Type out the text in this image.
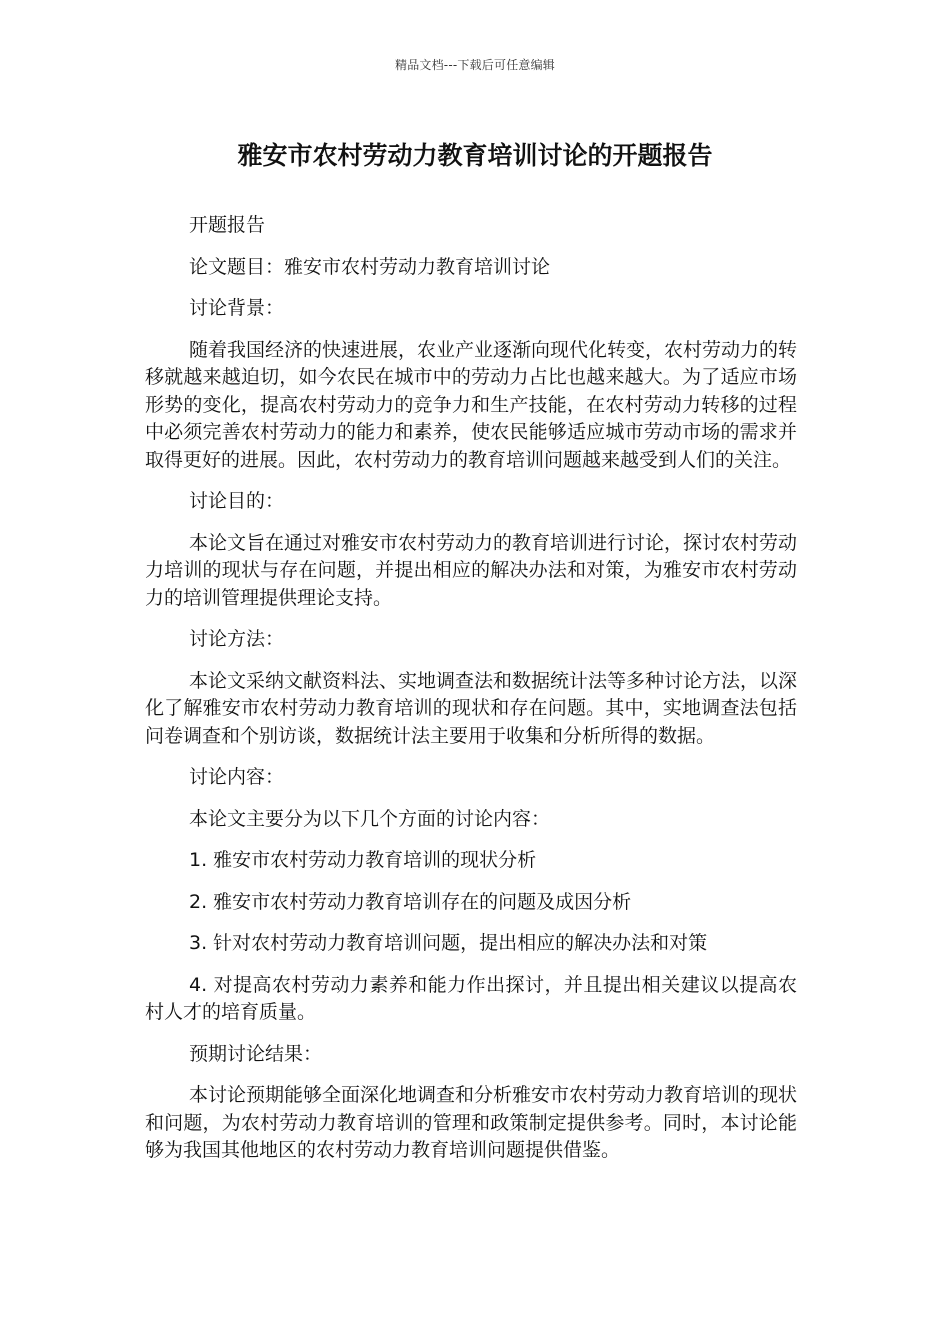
精品文档---下载后可任意编辑
雅安市农村劳动力教育培训讨论的开题报告

开题报告

论文题目：雅安市农村劳动力教育培训讨论

讨论背景：

随着我国经济的快速进展，农业产业逐渐向现代化转变，农村劳动力的转移就越来越迫切，如今农民在城市中的劳动力占比也越来越大。为了适应市场形势的变化，提高农村劳动力的竞争力和生产技能，在农村劳动力转移的过程中必须完善农村劳动力的能力和素养，使农民能够适应城市劳动市场的需求并取得更好的进展。因此，农村劳动力的教育培训问题越来越受到人们的关注。

讨论目的：

本论文旨在通过对雅安市农村劳动力的教育培训进行讨论，探讨农村劳动力培训的现状与存在问题，并提出相应的解决办法和对策，为雅安市农村劳动力的培训管理提供理论支持。

讨论方法：

本论文采纳文献资料法、实地调查法和数据统计法等多种讨论方法，以深化了解雅安市农村劳动力教育培训的现状和存在问题。其中，实地调查法包括问卷调查和个别访谈，数据统计法主要用于收集和分析所得的数据。

讨论内容：

本论文主要分为以下几个方面的讨论内容：

1. 雅安市农村劳动力教育培训的现状分析

2. 雅安市农村劳动力教育培训存在的问题及成因分析

3. 针对农村劳动力教育培训问题，提出相应的解决办法和对策

4. 对提高农村劳动力素养和能力作出探讨，并且提出相关建议以提高农村人才的培育质量。

预期讨论结果：

本讨论预期能够全面深化地调查和分析雅安市农村劳动力教育培训的现状和问题，为农村劳动力教育培训的管理和政策制定提供参考。同时，本讨论能够为我国其他地区的农村劳动力教育培训问题提供借鉴。
